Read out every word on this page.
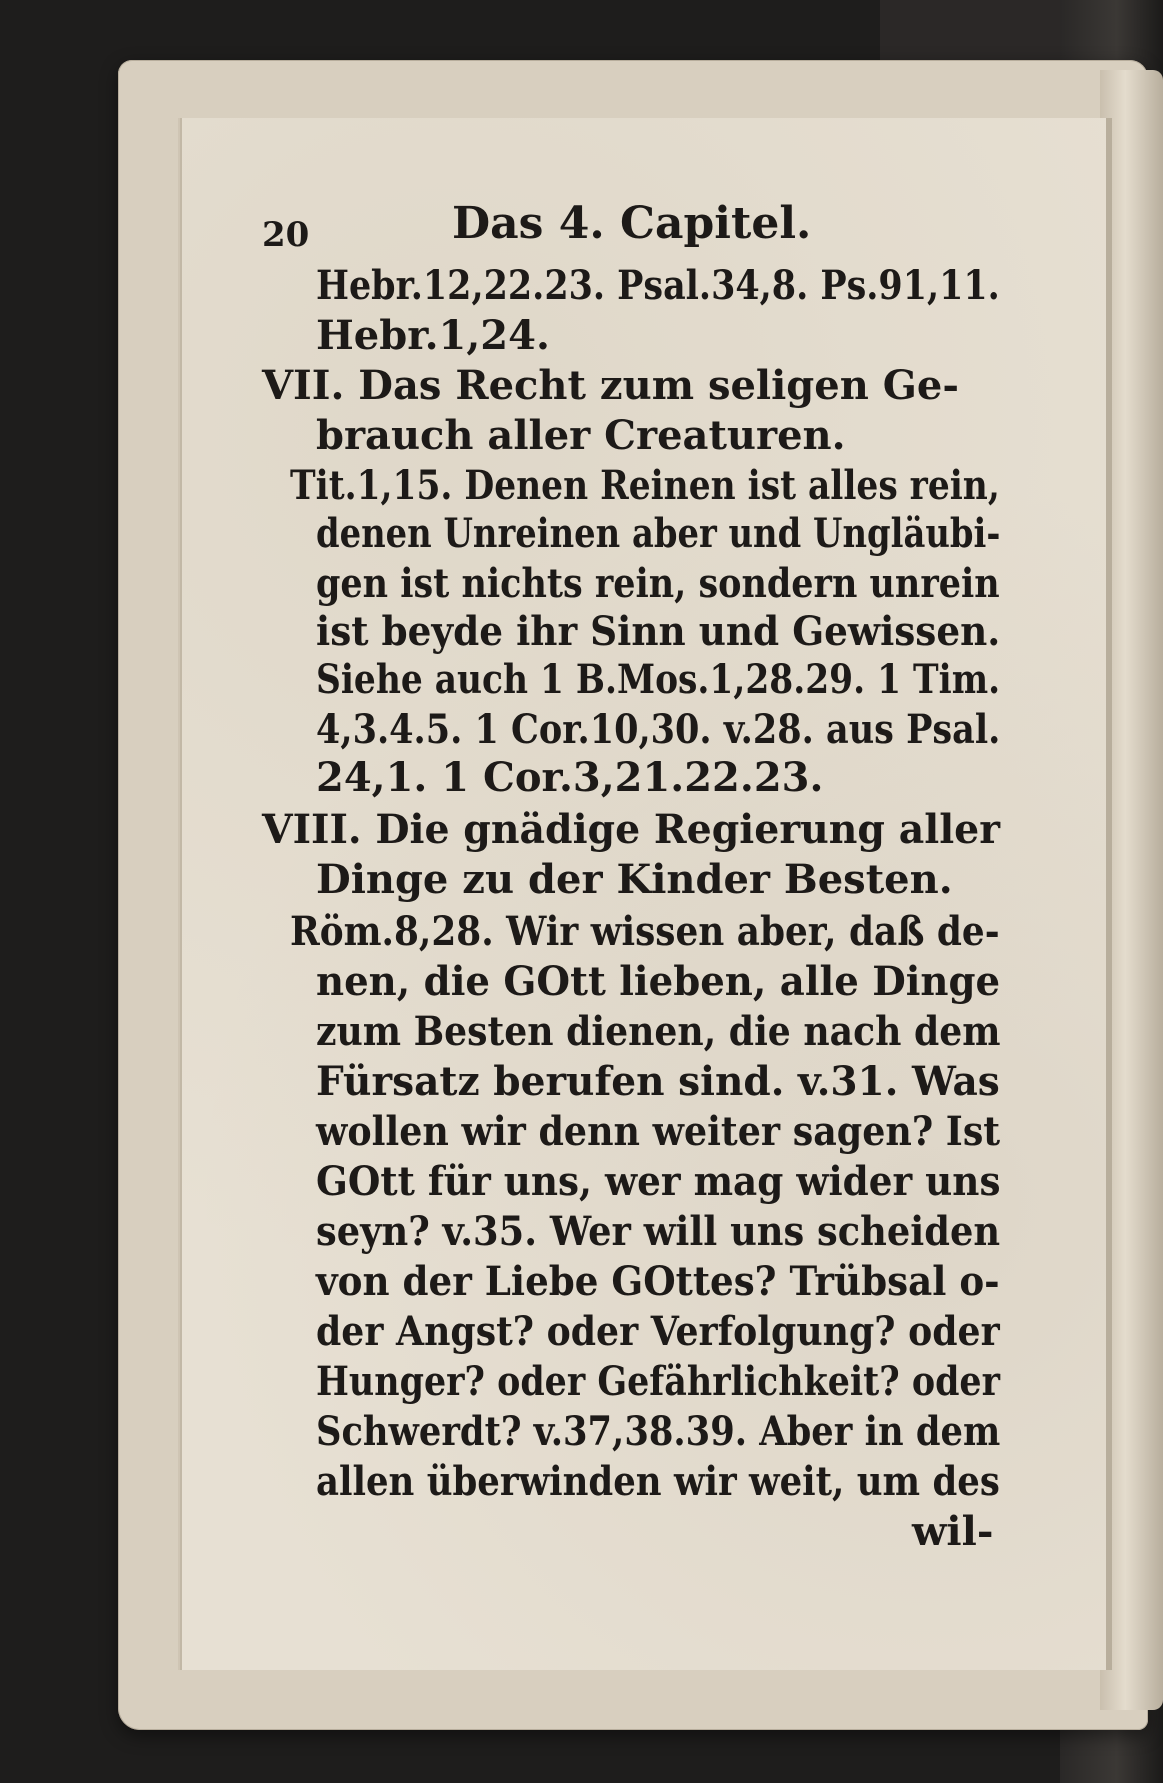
20	Das 4. Capitel.
Hebr.12,22.23. Psal.34,8. Ps.91,11.
Hebr.1,24.
VII. Das Recht zum seligen Ge-
brauch aller Creaturen.
Tit.1,15. Denen Reinen ist alles rein,
denen Unreinen aber und Ungläubi-
gen ist nichts rein, sondern unrein
ist beyde ihr Sinn und Gewissen.
Siehe auch 1 B.Mos.1,28.29. 1 Tim.
4,3.4.5. 1 Cor.10,30. v.28. aus Psal.
24,1. 1 Cor.3,21.22.23.
VIII. Die gnädige Regierung aller
Dinge zu der Kinder Besten.
Röm.8,28. Wir wissen aber, daß de-
nen, die GOtt lieben, alle Dinge
zum Besten dienen, die nach dem
Fürsatz berufen sind. v.31. Was
wollen wir denn weiter sagen? Ist
GOtt für uns, wer mag wider uns
seyn? v.35. Wer will uns scheiden
von der Liebe GOttes? Trübsal o-
der Angst? oder Verfolgung? oder
Hunger? oder Gefährlichkeit? oder
Schwerdt? v.37,38.39. Aber in dem
allen überwinden wir weit, um des
wil-
